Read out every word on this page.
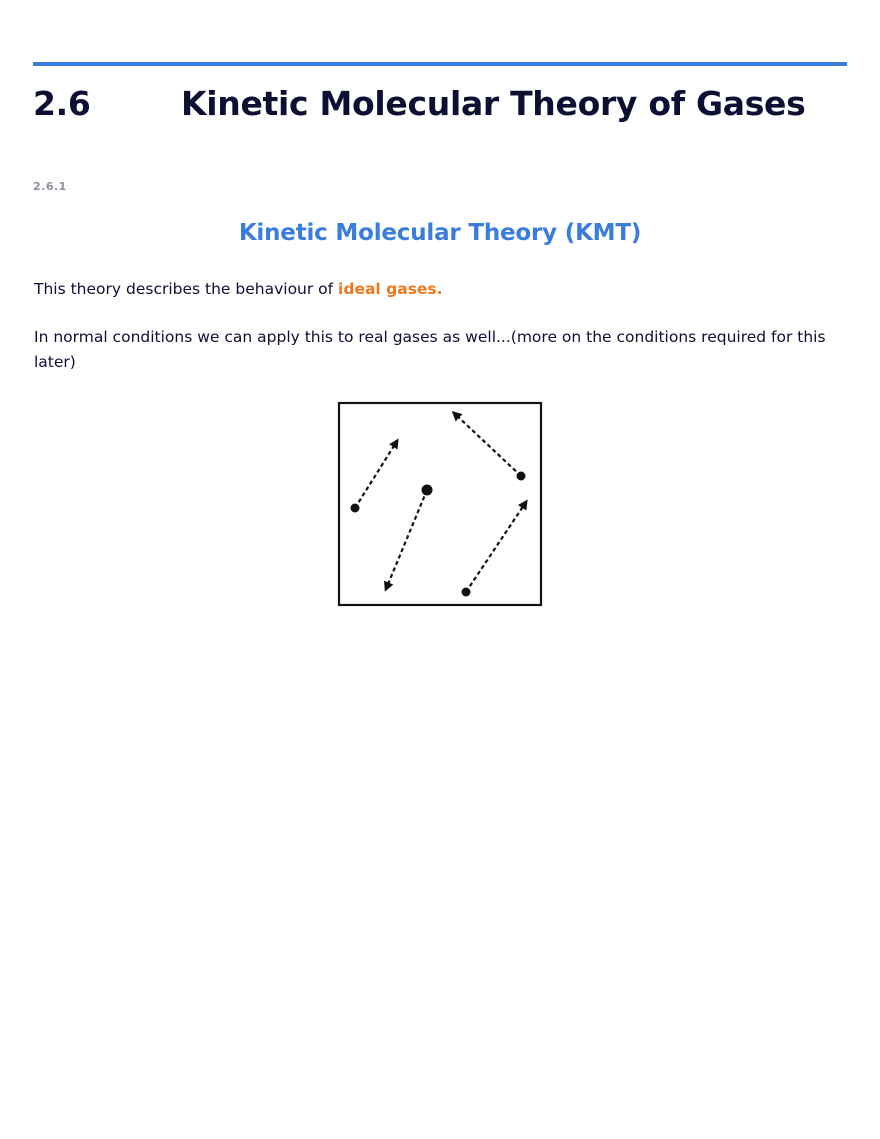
2.6	Kinetic Molecular Theory of Gases
2.6.1
Kinetic Molecular Theory (KMT)

This theory describes the behaviour of ideal gases.

In normal conditions we can apply this to real gases as well...(more on the conditions required for this later)
